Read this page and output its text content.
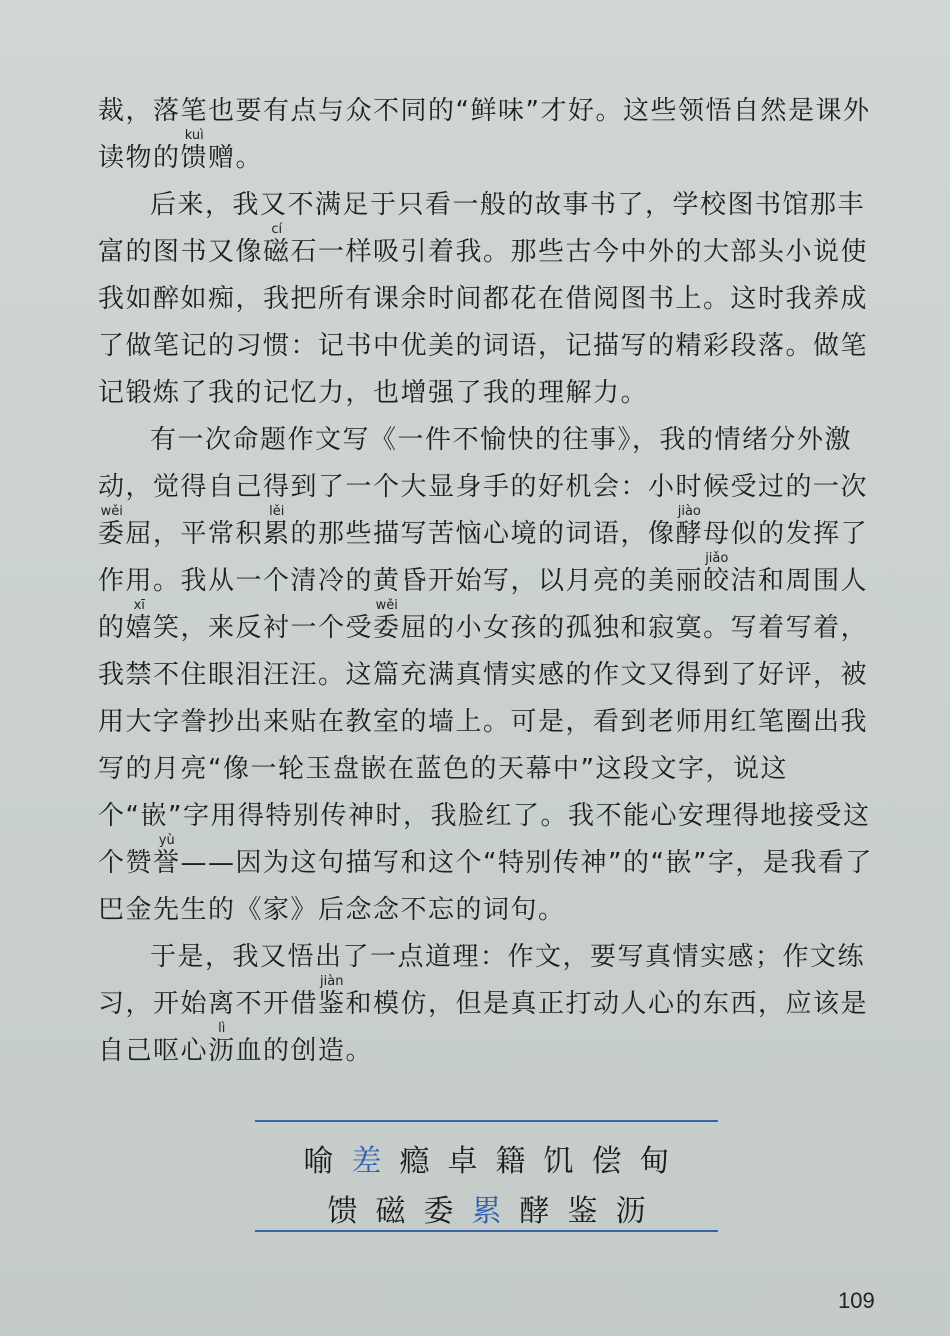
裁，落笔也要有点与众不同的“鲜味”才好。这些领悟自然是课外读物的馈kuì赠。

后来，我又不满足于只看一般的故事书了，学校图书馆那丰富的图书又像磁cí石一样吸引着我。那些古今中外的大部头小说使我如醉如痴，我把所有课余时间都花在借阅图书上。这时我养成了做笔记的习惯：记书中优美的词语，记描写的精彩段落。做笔记锻炼了我的记忆力，也增强了我的理解力。

有一次命题作文写《一件不愉快的往事》，我的情绪分外激动，觉得自己得到了一个大显身手的好机会：小时候受过的一次委wěi屈，平常积累lěi的那些描写苦恼心境的词语，像酵jiào母似的发挥了作用。我从一个清冷的黄昏开始写，以月亮的美丽皎jiǎo洁和周围人的嬉xī笑，来反衬一个受委wěi屈的小女孩的孤独和寂寞。写着写着，我禁不住眼泪汪汪。这篇充满真情实感的作文又得到了好评，被用大字誊抄出来贴在教室的墙上。可是，看到老师用红笔圈出我写的月亮“像一轮玉盘嵌在蓝色的天幕中”这段文字，说这个“嵌”字用得特别传神时，我脸红了。我不能心安理得地接受这个赞誉yù——因为这句描写和这个“特别传神”的“嵌”字，是我看了巴金先生的《家》后念念不忘的词句。

于是，我又悟出了一点道理：作文，要写真情实感；作文练习，开始离不开借鉴jiàn和模仿，但是真正打动人心的东西，应该是自己呕心沥lì血的创造。

喻 差 瘾 卓 籍 饥 偿 甸
馈 磁 委 累 酵 鉴 沥
109
